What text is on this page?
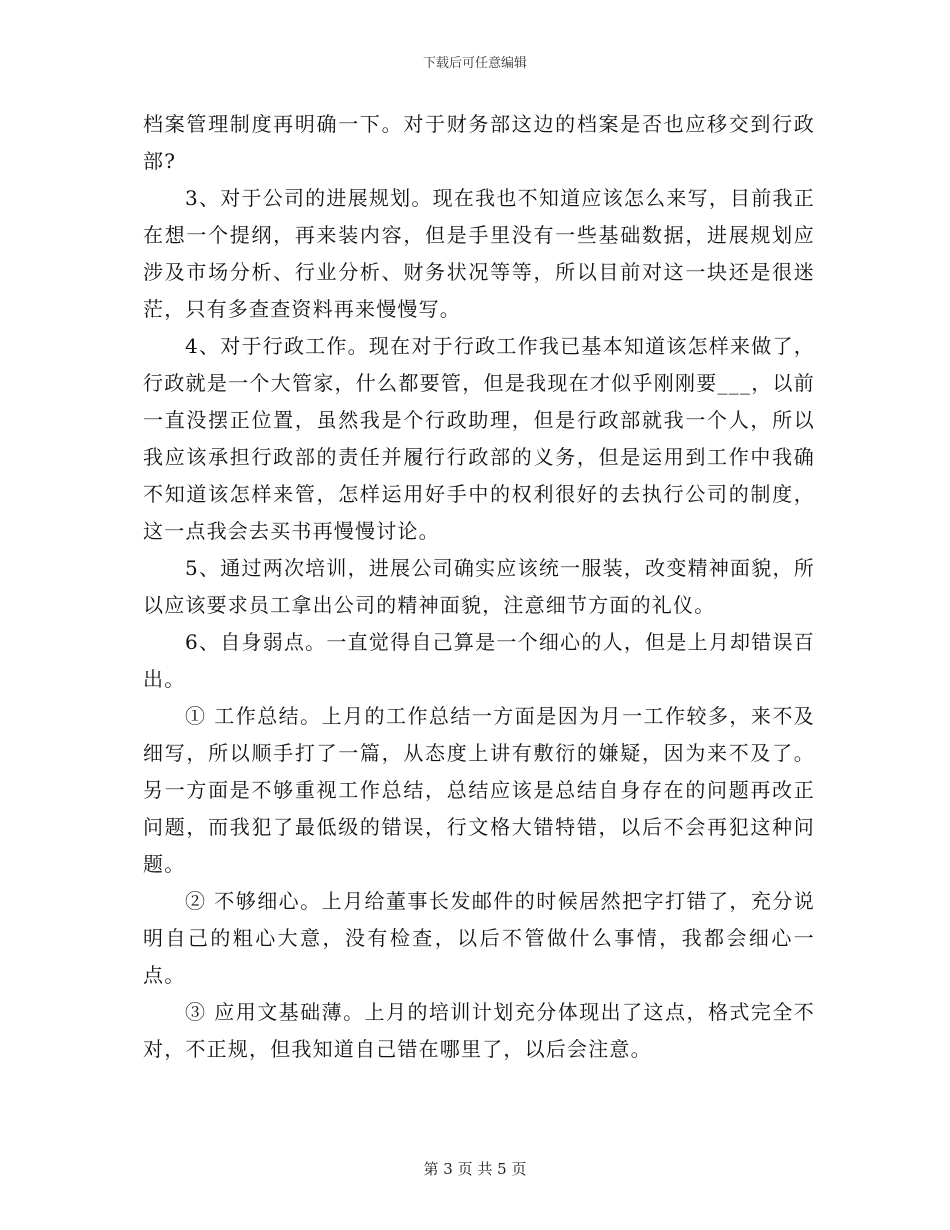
下载后可任意编辑

档案管理制度再明确一下。对于财务部这边的档案是否也应移交到行政部?

3、对于公司的进展规划。现在我也不知道应该怎么来写，目前我正在想一个提纲，再来装内容，但是手里没有一些基础数据，进展规划应涉及市场分析、行业分析、财务状况等等，所以目前对这一块还是很迷茫，只有多查查资料再来慢慢写。

4、对于行政工作。现在对于行政工作我已基本知道该怎样来做了，行政就是一个大管家，什么都要管，但是我现在才似乎刚刚要___，以前一直没摆正位置，虽然我是个行政助理，但是行政部就我一个人，所以我应该承担行政部的责任并履行行政部的义务，但是运用到工作中我确不知道该怎样来管，怎样运用好手中的权利很好的去执行公司的制度，这一点我会去买书再慢慢讨论。

5、通过两次培训，进展公司确实应该统一服装，改变精神面貌，所以应该要求员工拿出公司的精神面貌，注意细节方面的礼仪。

6、自身弱点。一直觉得自己算是一个细心的人，但是上月却错误百出。

① 工作总结。上月的工作总结一方面是因为月一工作较多，来不及细写，所以顺手打了一篇，从态度上讲有敷衍的嫌疑，因为来不及了。另一方面是不够重视工作总结，总结应该是总结自身存在的问题再改正问题，而我犯了最低级的错误，行文格大错特错，以后不会再犯这种问题。

② 不够细心。上月给董事长发邮件的时候居然把字打错了，充分说明自己的粗心大意，没有检查，以后不管做什么事情，我都会细心一点。

③ 应用文基础薄。上月的培训计划充分体现出了这点，格式完全不对，不正规，但我知道自己错在哪里了，以后会注意。

第 3 页 共 5 页
